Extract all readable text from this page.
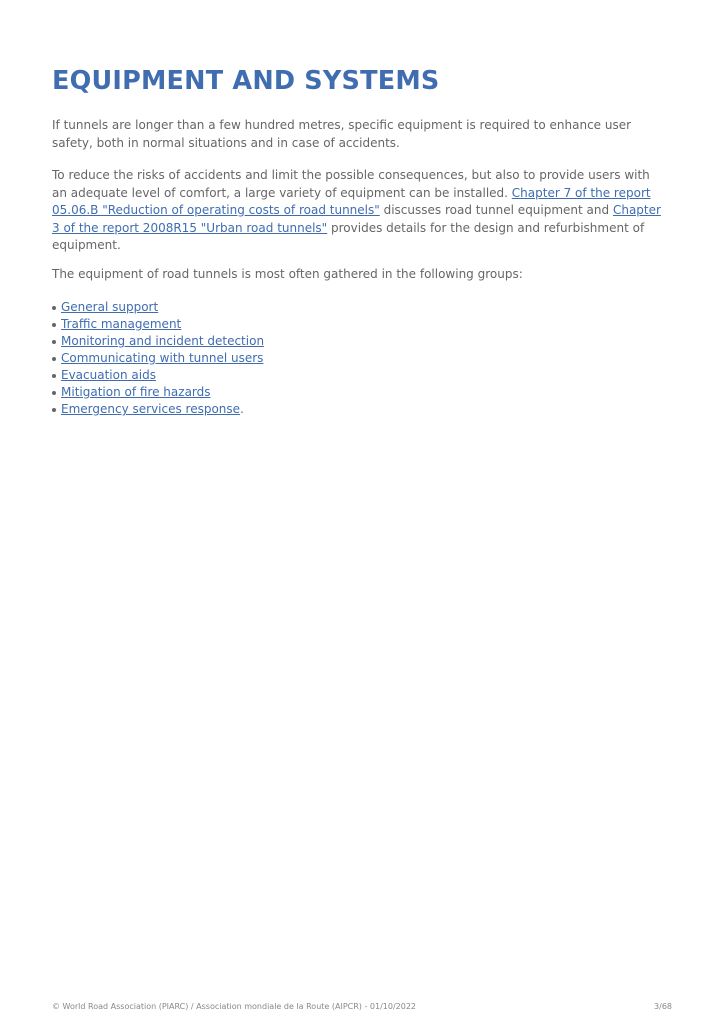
EQUIPMENT AND SYSTEMS

If tunnels are longer than a few hundred metres, specific equipment is required to enhance user safety, both in normal situations and in case of accidents.

To reduce the risks of accidents and limit the possible consequences, but also to provide users with an adequate level of comfort, a large variety of equipment can be installed. Chapter 7 of the report 05.06.B "Reduction of operating costs of road tunnels" discusses road tunnel equipment and Chapter 3 of the report 2008R15 "Urban road tunnels" provides details for the design and refurbishment of equipment.

The equipment of road tunnels is most often gathered in the following groups:

General support
Traffic management
Monitoring and incident detection
Communicating with tunnel users
Evacuation aids
Mitigation of fire hazards
Emergency services response.
© World Road Association (PIARC) / Association mondiale de la Route (AIPCR) - 01/10/2022	3/68
